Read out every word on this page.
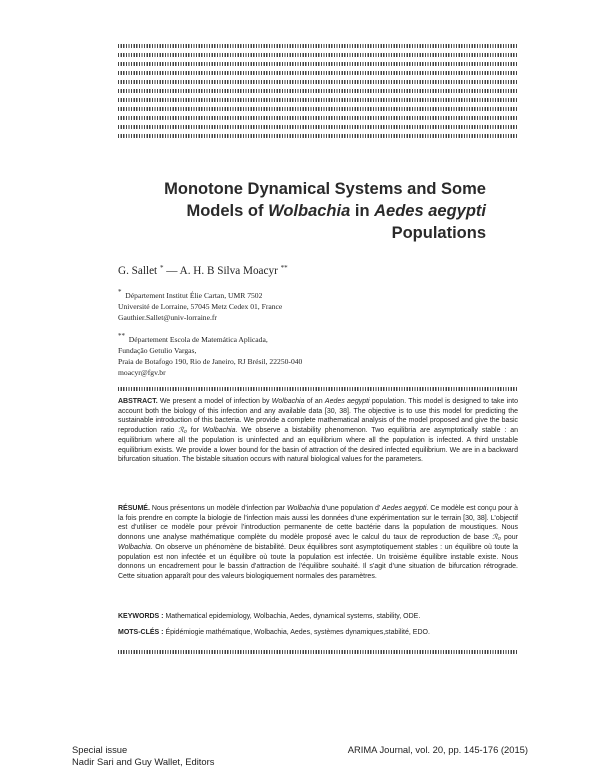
Monotone Dynamical Systems and Some
Models of Wolbachia in Aedes aegypti
Populations
G. Sallet * — A. H. B Silva Moacyr **
* Département Institut Élie Cartan, UMR 7502
Université de Lorraine, 57045 Metz Cedex 01, France
Gauthier.Sallet@univ-lorraine.fr
** Département Escola de Matemática Aplicada,
Fundação Getulio Vargas,
Praia de Botafogo 190, Rio de Janeiro, RJ Brésil, 22250-040
moacyr@fgv.br
ABSTRACT. We present a model of infection by Wolbachia of an Aedes aegypti population. This model is designed to take into account both the biology of this infection and any available data [30, 38]. The objective is to use this model for predicting the sustainable introduction of this bacteria. We provide a complete mathematical analysis of the model proposed and give the basic reproduction ratio ℛ₀ for Wolbachia. We observe a bistability phenomenon. Two equilibria are asymptotically stable : an equilibrium where all the population is uninfected and an equilibrium where all the population is infected. A third unstable equilibrium exists. We provide a lower bound for the basin of attraction of the desired infected equilibrium. We are in a backward bifurcation situation. The bistable situation occurs with natural biological values for the parameters.
RÉSUMÉ. Nous présentons un modèle d’infection par Wolbachia d’une population d’ Aedes aegypti. Ce modèle est conçu pour à la fois prendre en compte la biologie de l’infection mais aussi les données d’une expérimentation sur le terrain [30, 38]. L’objectif est d’utiliser ce modèle pour prévoir l’introduction permanente de cette bactérie dans la population de moustiques. Nous donnons une analyse mathématique complète du modèle proposé avec le calcul du taux de reproduction de base ℛ₀ pour Wolbachia. On observe un phénomène de bistabilité. Deux équilibres sont asymptotiquement stables : un équilibre où toute la population est non infectée et un équilibre où toute la population est infectée. Un troisième équilibre instable existe. Nous donnons un encadrement pour le bassin d’attraction de l’équilibre souhaité. Il s’agit d’une situation de bifurcation rétrograde. Cette situation apparaît pour des valeurs biologiquement normales des paramètres.
KEYWORDS : Mathematical epidemiology, Wolbachia, Aedes, dynamical systems, stability, ODE.
MOTS-CLÉS : Épidémiogie mathématique, Wolbachia, Aedes, systèmes dynamiques,stabilité, EDO.
Special issue
Nadir Sari and Guy Wallet, Editors
ARIMA Journal, vol. 20, pp. 145-176 (2015)
